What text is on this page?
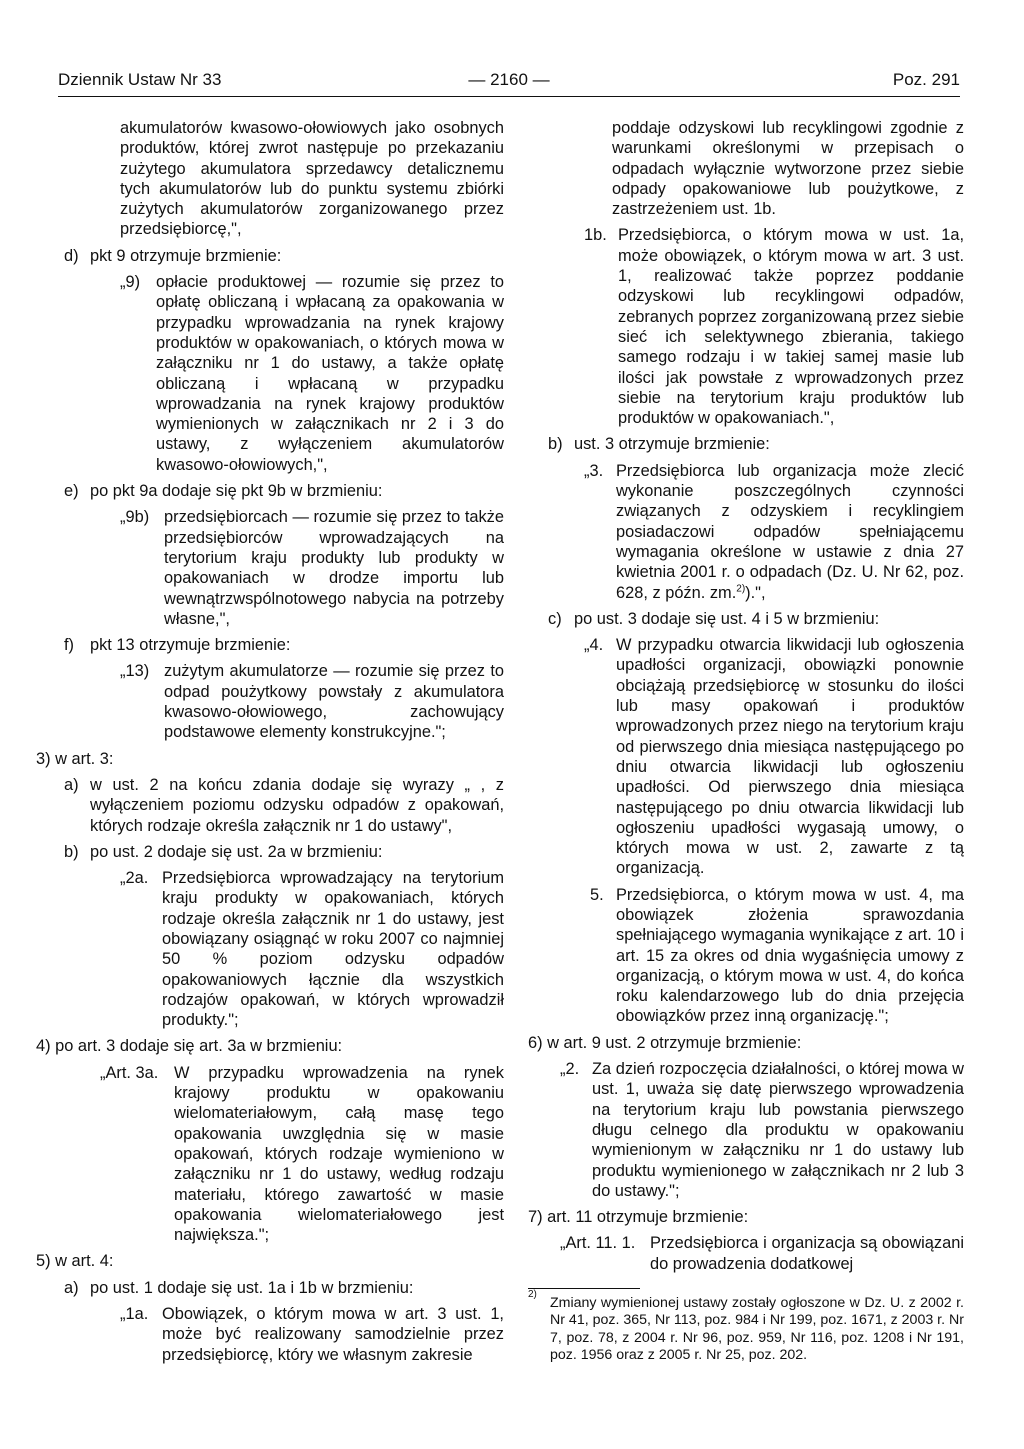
Dziennik Ustaw Nr 33	— 2160 —	Poz. 291

akumulatorów kwasowo-ołowiowych jako osobnych produktów, której zwrot następuje po przekazaniu zużytego akumulatora sprzedawcy detalicznemu tych akumulatorów lub do punktu systemu zbiórki zużytych akumulatorów zorganizowanego przez przedsiębiorcę,",

d) pkt 9 otrzymuje brzmienie:
„9) opłacie produktowej — rozumie się przez to opłatę obliczaną i wpłacaną za opakowania w przypadku wprowadzania na rynek krajowy produktów w opakowaniach, o których mowa w załączniku nr 1 do ustawy, a także opłatę obliczaną i wpłacaną w przypadku wprowadzania na rynek krajowy produktów wymienionych w załącznikach nr 2 i 3 do ustawy, z wyłączeniem akumulatorów kwasowo-ołowiowych,",
e) po pkt 9a dodaje się pkt 9b w brzmieniu:
„9b) przedsiębiorcach — rozumie się przez to także przedsiębiorców wprowadzających na terytorium kraju produkty lub produkty w opakowaniach w drodze importu lub wewnątrzwspólnotowego nabycia na potrzeby własne,",
f) pkt 13 otrzymuje brzmienie:
„13) zużytym akumulatorze — rozumie się przez to odpad poużytkowy powstały z akumulatora kwasowo-ołowiowego, zachowujący podstawowe elementy konstrukcyjne.";

3) w art. 3:

a) w ust. 2 na końcu zdania dodaje się wyrazy „ , z wyłączeniem poziomu odzysku odpadów z opakowań, których rodzaje określa załącznik nr 1 do ustawy",
b) po ust. 2 dodaje się ust. 2a w brzmieniu:
„2a. Przedsiębiorca wprowadzający na terytorium kraju produkty w opakowaniach, których rodzaje określa załącznik nr 1 do ustawy, jest obowiązany osiągnąć w roku 2007 co najmniej 50 % poziom odzysku odpadów opakowaniowych łącznie dla wszystkich rodzajów opakowań, w których wprowadził produkty.";

4) po art. 3 dodaje się art. 3a w brzmieniu:

„Art. 3a. W przypadku wprowadzenia na rynek krajowy produktu w opakowaniu wielomateriałowym, całą masę tego opakowania uwzględnia się w masie opakowań, których rodzaje wymieniono w załączniku nr 1 do ustawy, według rodzaju materiału, którego zawartość w masie opakowania wielomateriałowego jest największa.";

5) w art. 4:

a) po ust. 1 dodaje się ust. 1a i 1b w brzmieniu:
„1a. Obowiązek, o którym mowa w art. 3 ust. 1, może być realizowany samodzielnie przez przedsiębiorcę, który we własnym zakresie

poddaje odzyskowi lub recyklingowi zgodnie z warunkami określonymi w przepisach o odpadach wyłącznie wytworzone przez siebie odpady opakowaniowe lub poużytkowe, z zastrzeżeniem ust. 1b.

1b. Przedsiębiorca, o którym mowa w ust. 1a, może obowiązek, o którym mowa w art. 3 ust. 1, realizować także poprzez poddanie odzyskowi lub recyklingowi odpadów, zebranych poprzez zorganizowaną przez siebie sieć ich selektywnego zbierania, takiego samego rodzaju i w takiej samej masie lub ilości jak powstałe z wprowadzonych przez siebie na terytorium kraju produktów lub produktów w opakowaniach.",
b) ust. 3 otrzymuje brzmienie:
„3. Przedsiębiorca lub organizacja może zlecić wykonanie poszczególnych czynności związanych z odzyskiem i recyklingiem posiadaczowi odpadów spełniającemu wymagania określone w ustawie z dnia 27 kwietnia 2001 r. o odpadach (Dz. U. Nr 62, poz. 628, z późn. zm.$^{2)}$).",
c) po ust. 3 dodaje się ust. 4 i 5 w brzmieniu:
„4. W przypadku otwarcia likwidacji lub ogłoszenia upadłości organizacji, obowiązki ponownie obciążają przedsiębiorcę w stosunku do ilości lub masy opakowań i produktów wprowadzonych przez niego na terytorium kraju od pierwszego dnia miesiąca następującego po dniu otwarcia likwidacji lub ogłoszeniu upadłości. Od pierwszego dnia miesiąca następującego po dniu otwarcia likwidacji lub ogłoszeniu upadłości wygasają umowy, o których mowa w ust. 2, zawarte z tą organizacją.
5. Przedsiębiorca, o którym mowa w ust. 4, ma obowiązek złożenia sprawozdania spełniającego wymagania wynikające z art. 10 i art. 15 za okres od dnia wygaśnięcia umowy z organizacją, o którym mowa w ust. 4, do końca roku kalendarzowego lub do dnia przejęcia obowiązków przez inną organizację.";

6) w art. 9 ust. 2 otrzymuje brzmienie:

„2. Za dzień rozpoczęcia działalności, o której mowa w ust. 1, uważa się datę pierwszego wprowadzenia na terytorium kraju lub powstania pierwszego długu celnego dla produktu w opakowaniu wymienionym w załączniku nr 1 do ustawy lub produktu wymienionego w załącznikach nr 2 lub 3 do ustawy.";

7) art. 11 otrzymuje brzmienie:

„Art. 11. 1. Przedsiębiorca i organizacja są obowiązani do prowadzenia dodatkowej
2)
Zmiany wymienionej ustawy zostały ogłoszone w Dz. U. z 2002 r. Nr 41, poz. 365, Nr 113, poz. 984 i Nr 199, poz. 1671, z 2003 r. Nr 7, poz. 78, z 2004 r. Nr 96, poz. 959, Nr 116, poz. 1208 i Nr 191, poz. 1956 oraz z 2005 r. Nr 25, poz. 202.
